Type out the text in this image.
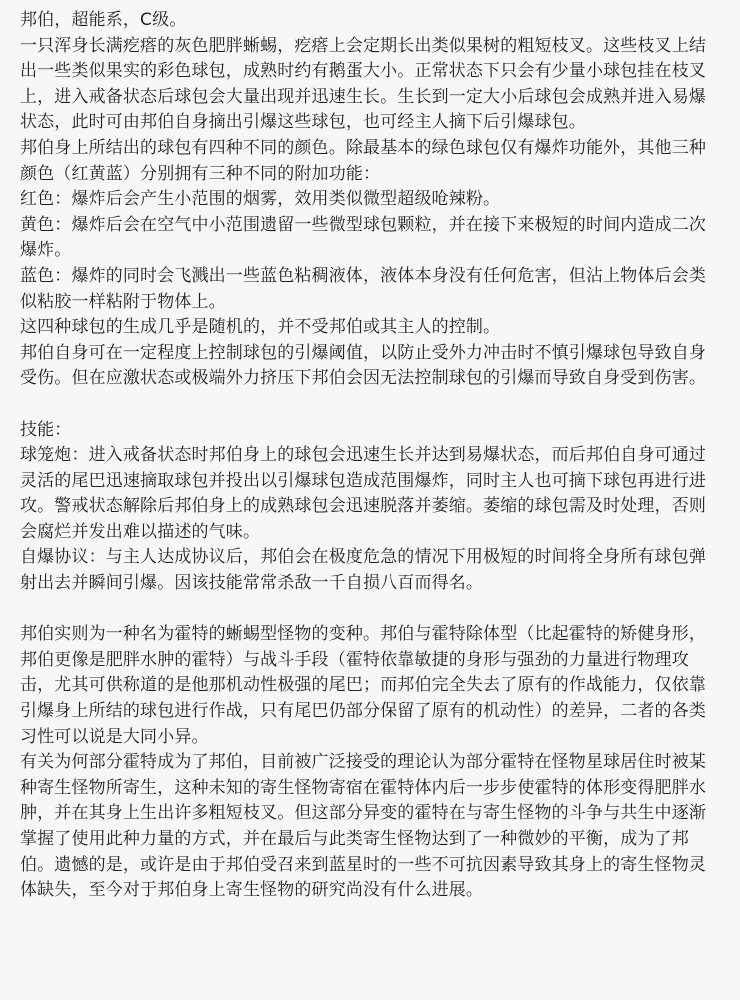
邦伯，超能系，C级。

一只浑身长满疙瘩的灰色肥胖蜥蜴，疙瘩上会定期长出类似果树的粗短枝叉。这些枝叉上结出一些类似果实的彩色球包，成熟时约有鹅蛋大小。正常状态下只会有少量小球包挂在枝叉上，进入戒备状态后球包会大量出现并迅速生长。生长到一定大小后球包会成熟并进入易爆状态，此时可由邦伯自身摘出引爆这些球包，也可经主人摘下后引爆球包。

邦伯身上所结出的球包有四种不同的颜色。除最基本的绿色球包仅有爆炸功能外，其他三种颜色（红黄蓝）分别拥有三种不同的附加功能：

红色：爆炸后会产生小范围的烟雾，效用类似微型超级呛辣粉。

黄色：爆炸后会在空气中小范围遗留一些微型球包颗粒，并在接下来极短的时间内造成二次爆炸。

蓝色：爆炸的同时会飞溅出一些蓝色粘稠液体，液体本身没有任何危害，但沾上物体后会类似粘胶一样粘附于物体上。

这四种球包的生成几乎是随机的，并不受邦伯或其主人的控制。

邦伯自身可在一定程度上控制球包的引爆阈值，以防止受外力冲击时不慎引爆球包导致自身受伤。但在应激状态或极端外力挤压下邦伯会因无法控制球包的引爆而导致自身受到伤害。

技能：

球笼炮：进入戒备状态时邦伯身上的球包会迅速生长并达到易爆状态，而后邦伯自身可通过灵活的尾巴迅速摘取球包并投出以引爆球包造成范围爆炸，同时主人也可摘下球包再进行进攻。警戒状态解除后邦伯身上的成熟球包会迅速脱落并萎缩。萎缩的球包需及时处理，否则会腐烂并发出难以描述的气味。

自爆协议：与主人达成协议后，邦伯会在极度危急的情况下用极短的时间将全身所有球包弹射出去并瞬间引爆。因该技能常常杀敌一千自损八百而得名。

邦伯实则为一种名为霍特的蜥蜴型怪物的变种。邦伯与霍特除体型（比起霍特的矫健身形，邦伯更像是肥胖水肿的霍特）与战斗手段（霍特依靠敏捷的身形与强劲的力量进行物理攻击，尤其可供称道的是他那机动性极强的尾巴；而邦伯完全失去了原有的作战能力，仅依靠引爆身上所结的球包进行作战，只有尾巴仍部分保留了原有的机动性）的差异，二者的各类习性可以说是大同小异。

有关为何部分霍特成为了邦伯，目前被广泛接受的理论认为部分霍特在怪物星球居住时被某种寄生怪物所寄生，这种未知的寄生怪物寄宿在霍特体内后一步步使霍特的体形变得肥胖水肿，并在其身上生出许多粗短枝叉。但这部分异变的霍特在与寄生怪物的斗争与共生中逐渐掌握了使用此种力量的方式，并在最后与此类寄生怪物达到了一种微妙的平衡，成为了邦伯。遗憾的是，或许是由于邦伯受召来到蓝星时的一些不可抗因素导致其身上的寄生怪物灵体缺失，至今对于邦伯身上寄生怪物的研究尚没有什么进展。
